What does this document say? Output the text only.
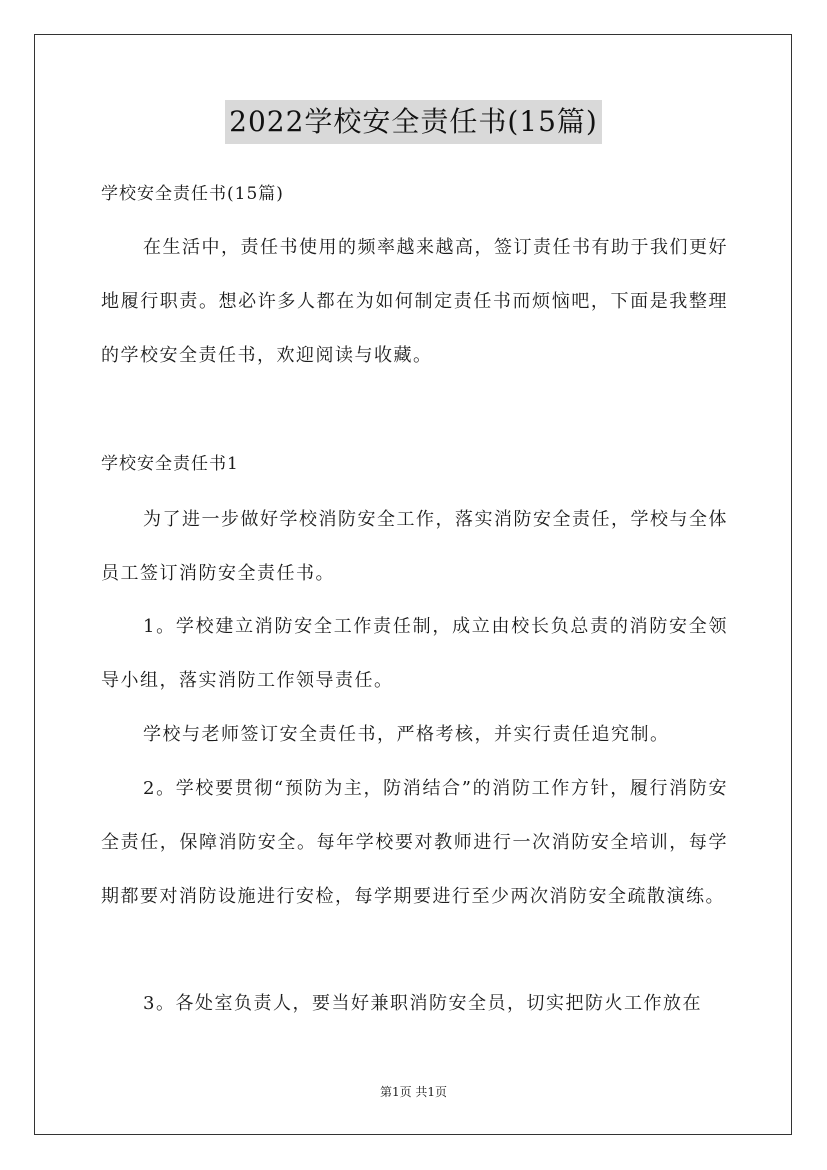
2022学校安全责任书(15篇)
学校安全责任书(15篇)
在生活中，责任书使用的频率越来越高，签订责任书有助于我们更好地履行职责。想必许多人都在为如何制定责任书而烦恼吧，下面是我整理的学校安全责任书，欢迎阅读与收藏。
学校安全责任书1
为了进一步做好学校消防安全工作，落实消防安全责任，学校与全体员工签订消防安全责任书。
1。学校建立消防安全工作责任制，成立由校长负总责的消防安全领导小组，落实消防工作领导责任。
学校与老师签订安全责任书，严格考核，并实行责任追究制。
2。学校要贯彻“预防为主，防消结合”的消防工作方针，履行消防安全责任，保障消防安全。每年学校要对教师进行一次消防安全培训，每学期都要对消防设施进行安检，每学期要进行至少两次消防安全疏散演练。
3。各处室负责人，要当好兼职消防安全员，切实把防火工作放在
第1页 共1页
